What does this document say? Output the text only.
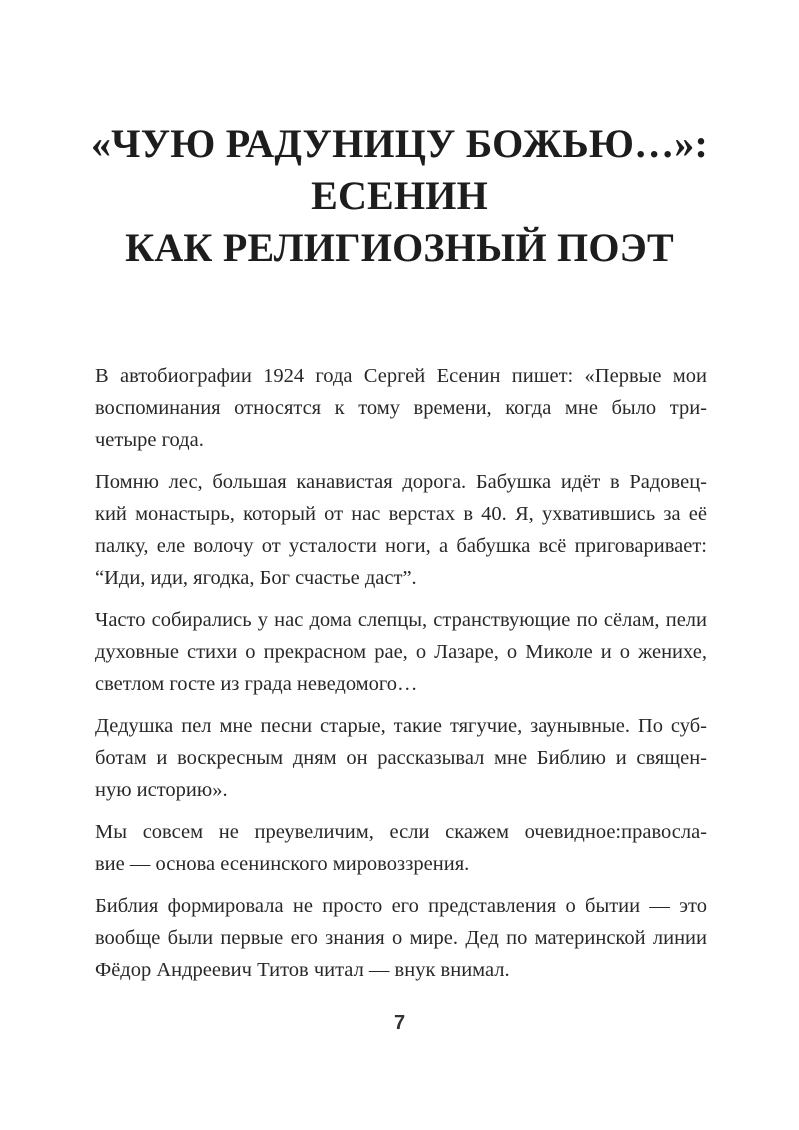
«ЧУЮ РАДУНИЦУ БОЖЬЮ…»:
ЕСЕНИН
КАК РЕЛИГИОЗНЫЙ ПОЭТ

В автобиографии 1924 года Сергей Есенин пишет: «Первые мои
воспоминания относятся к тому времени, когда мне было три-
четыре года.

Помню лес, большая канавистая дорога. Бабушка идёт в Радовец-
кий монастырь, который от нас верстах в 40. Я, ухватившись за её
палку, еле волочу от усталости ноги, а бабушка всё приговаривает:
“Иди, иди, ягодка, Бог счастье даст”.

Часто собирались у нас дома слепцы, странствующие по сёлам, пели
духовные стихи о прекрасном рае, о Лазаре, о Миколе и о женихе,
светлом госте из града неведомого…

Дедушка пел мне песни старые, такие тягучие, заунывные. По суб-
ботам и воскресным дням он рассказывал мне Библию и священ-
ную историю».

Мы совсем не преувеличим, если скажем очевидное:правосла-
вие — основа есенинского мировоззрения.

Библия формировала не просто его представления о бытии — это
вообще были первые его знания о мире. Дед по материнской линии
Фёдор Андреевич Титов читал — внук внимал.

7
